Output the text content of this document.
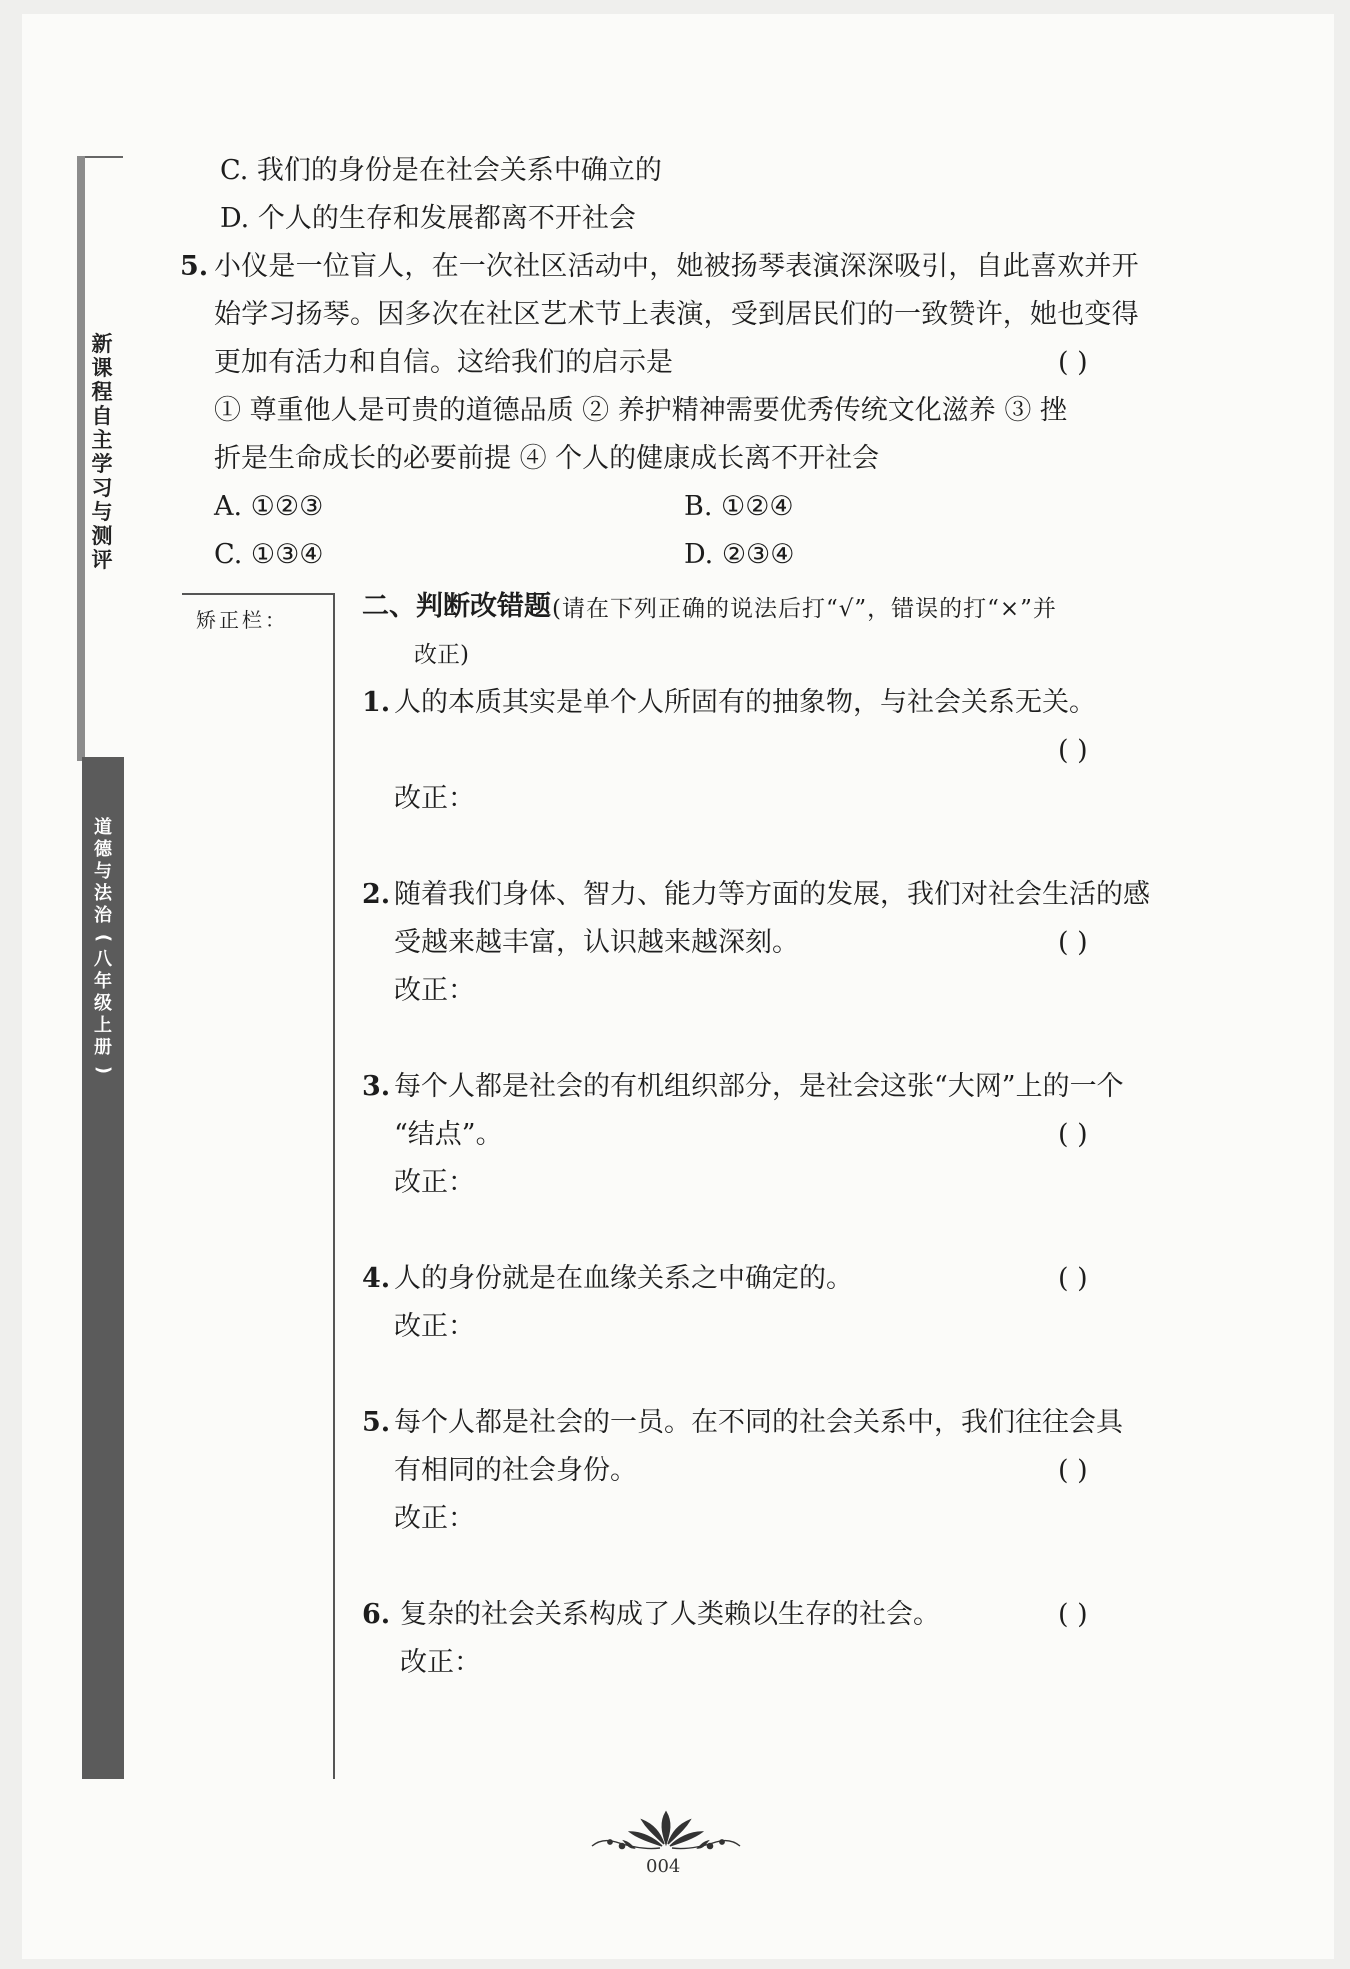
新
课
程
自
主
学
习
与
测
评
道
德
与
法
治
(
八
年
级
上
册
)
C. 我们的身份是在社会关系中确立的
D. 个人的生存和发展都离不开社会
5. 小仪是一位盲人，在一次社区活动中，她被扬琴表演深深吸引，自此喜欢并开
始学习扬琴。因多次在社区艺术节上表演，受到居民们的一致赞许，她也变得
更加有活力和自信。这给我们的启示是	( )
① 尊重他人是可贵的道德品质 ② 养护精神需要优秀传统文化滋养 ③ 挫
折是生命成长的必要前提 ④ 个人的健康成长离不开社会
A. ①②③	B. ①②④
C. ①③④	D. ②③④
矫正栏：	二、判断改错题 (请在下列正确的说法后打“√”，错误的打“×”并
改正)
1. 人的本质其实是单个人所固有的抽象物，与社会关系无关。
( )
改正：
2. 随着我们身体、智力、能力等方面的发展，我们对社会生活的感
受越来越丰富，认识越来越深刻。	( )
改正：
3. 每个人都是社会的有机组织部分，是社会这张“大网”上的一个
“结点”。	( )
改正：
4. 人的身份就是在血缘关系之中确定的。	( )
改正：
5. 每个人都是社会的一员。在不同的社会关系中，我们往往会具
有相同的社会身份。	( )
改正：
6. 复杂的社会关系构成了人类赖以生存的社会。	( )
改正：
004
